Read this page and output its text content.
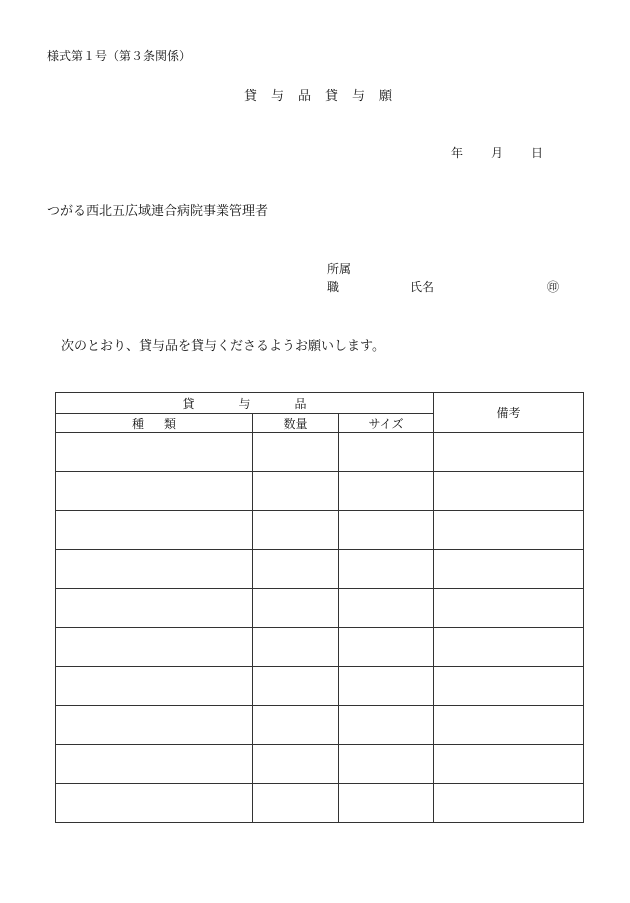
様式第１号（第３条関係）
貸与品貸与願
年 月 日
つがる西北五広域連合病院事業管理者
所属
職	氏名	㊞
次のとおり、貸与品を貸与くださるようお願いします。
貸与品			備考
種類	数量	サイズ	
